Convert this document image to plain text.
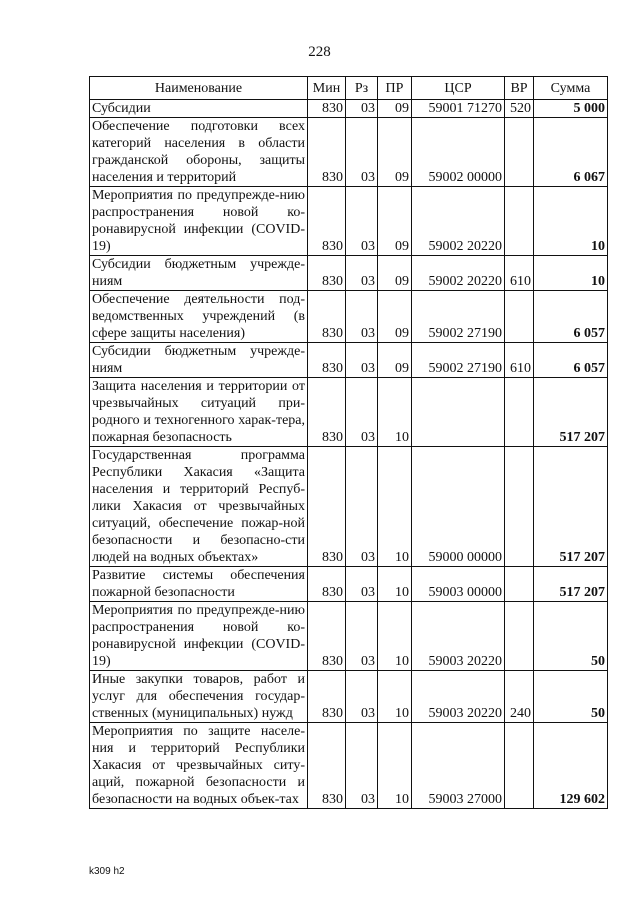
228
Наименование	Мин	Рз	ПР	ЦСР	ВР	Сумма
Субсидии	830	03	09	59001 71270	520	5 000
Обеспечение подготовки всех категорий населения в области гражданской обороны, защиты населения и территорий	830	03	09	59002 00000		6 067
Мероприятия по предупрежде-нию распространения новой ко-ронавирусной инфекции (COVID-19)	830	03	09	59002 20220		10
Субсидии бюджетным учрежде-ниям	830	03	09	59002 20220	610	10
Обеспечение деятельности под-ведомственных учреждений (в сфере защиты населения)	830	03	09	59002 27190		6 057
Субсидии бюджетным учрежде-ниям	830	03	09	59002 27190	610	6 057
Защита населения и территории от чрезвычайных ситуаций при-родного и техногенного харак-тера, пожарная безопасность	830	03	10			517 207
Государственная программа Республики Хакасия «Защита населения и территорий Респуб-лики Хакасия от чрезвычайных ситуаций, обеспечение пожар-ной безопасности и безопасно-сти людей на водных объектах»	830	03	10	59000 00000		517 207
Развитие системы обеспечения пожарной безопасности	830	03	10	59003 00000		517 207
Мероприятия по предупрежде-нию распространения новой ко-ронавирусной инфекции (COVID-19)	830	03	10	59003 20220		50
Иные закупки товаров, работ и услуг для обеспечения государ-ственных (муниципальных) нужд	830	03	10	59003 20220	240	50
Мероприятия по защите населе-ния и территорий Республики Хакасия от чрезвычайных ситу-аций, пожарной безопасности и безопасности на водных объек-тах	830	03	10	59003 27000		129 602
k309 h2
